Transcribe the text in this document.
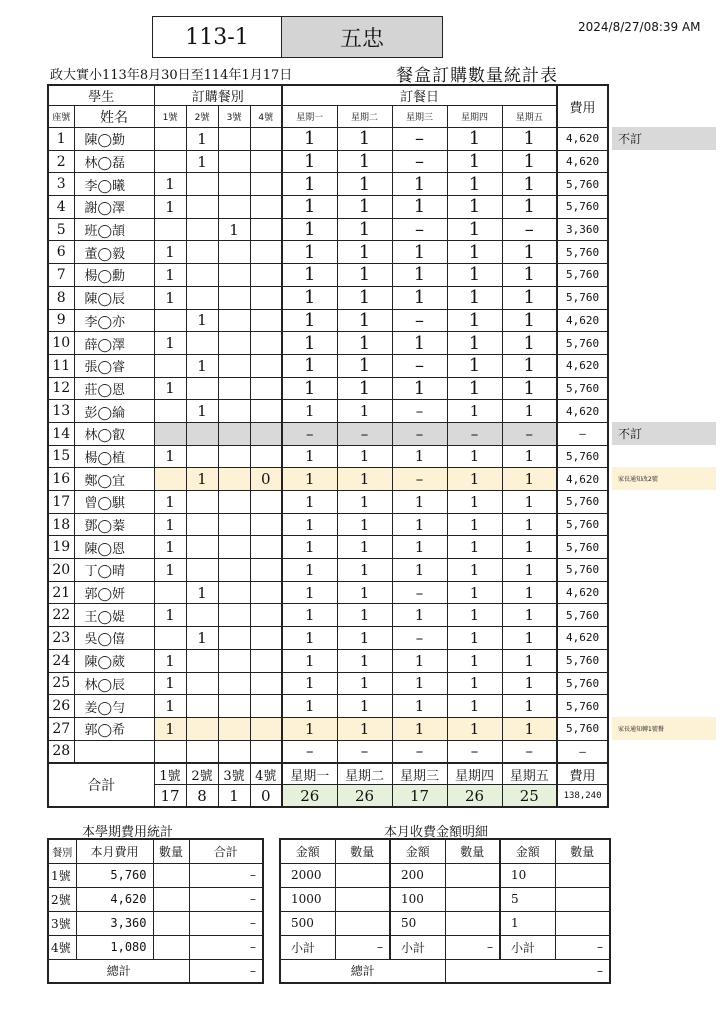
113-1	五忠	2024/8/27/08:39 AM
政大實小113年8月30日至114年1月17日	餐盒訂購數量統計表
學生		訂購餐別				訂餐日					費用
座號	姓名	1號	2號	3號	4號	星期一	星期二	星期三	星期四	星期五	
1	陳◯勤		1			1	1	–	1	1	4,620
2	林◯磊		1			1	1	–	1	1	4,620
3	李◯曦	1				1	1	1	1	1	5,760
4	謝◯澤	1				1	1	1	1	1	5,760
5	班◯頡			1		1	1	–	1	–	3,360
6	董◯毅	1				1	1	1	1	1	5,760
7	楊◯勳	1				1	1	1	1	1	5,760
8	陳◯辰	1				1	1	1	1	1	5,760
9	李◯亦		1			1	1	–	1	1	4,620
10	薛◯澤	1				1	1	1	1	1	5,760
11	張◯睿		1			1	1	–	1	1	4,620
12	莊◯恩	1				1	1	1	1	1	5,760
13	彭◯綸		1			1	1	–	1	1	4,620
14	林◯叡					–	–	–	–	–	–
15	楊◯植	1				1	1	1	1	1	5,760
16	鄭◯宜		1		0	1	1	–	1	1	4,620
17	曾◯騏	1				1	1	1	1	1	5,760
18	鄧◯蓁	1				1	1	1	1	1	5,760
19	陳◯恩	1				1	1	1	1	1	5,760
20	丁◯晴	1				1	1	1	1	1	5,760
21	郭◯妍		1			1	1	–	1	1	4,620
22	王◯媞	1				1	1	1	1	1	5,760
23	吳◯僖		1			1	1	–	1	1	4,620
24	陳◯葳	1				1	1	1	1	1	5,760
25	林◯辰	1				1	1	1	1	1	5,760
26	姜◯勻	1				1	1	1	1	1	5,760
27	郭◯希	1				1	1	1	1	1	5,760
28						–	–	–	–	–	–
合計		1號	2號	3號	4號	星期一	星期二	星期三	星期四	星期五	費用
		17	8	1	0	26	26	17	26	25	138,240
本學期費用統計
餐別	本月費用	數量	合計
1號	5,760		–
2號	4,620		–
3號	3,360		–
4號	1,080		–
總計			–
本月收費金額明細
金額	數量	金額	數量	金額	數量
2000		200		10	
1000		100		5	
500		50		1	
小計	–	小計	–	小計	–
總計			–		
不訂
不訂
家長通知改2號
家長通知轉1號餐
